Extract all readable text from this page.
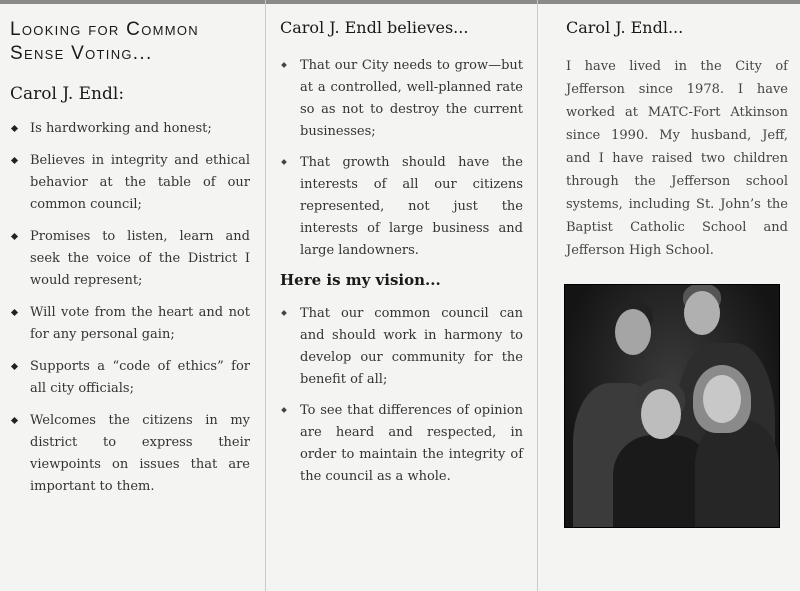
Looking for Common
Sense Voting...
Carol J. Endl:
Is hardworking and honest;
Believes in integrity and ethical behavior at the table of our common council;
Promises to listen, learn and seek the voice of the District I would represent;
Will vote from the heart and not for any personal gain;
Supports a “code of ethics” for all city officials;
Welcomes the citizens in my district to express their viewpoints on issues that are important to them.
Carol J. Endl believes...
That our City needs to grow—but at a controlled, well-planned rate so as not to destroy the current businesses;
That growth should have the interests of all our citizens represented, not just the interests of large business and large landowners.
Here is my vision...
That our common council can and should work in harmony to develop our community for the benefit of all;
To see that differences of opinion are heard and respected, in order to maintain the integrity of the council as a whole.
Carol J. Endl...

I have lived in the City of Jefferson since 1978. I have worked at MATC-Fort Atkinson since 1990. My husband, Jeff, and I have raised two children through the Jefferson school systems, including St. John’s the Baptist Catholic School and Jefferson High School.
